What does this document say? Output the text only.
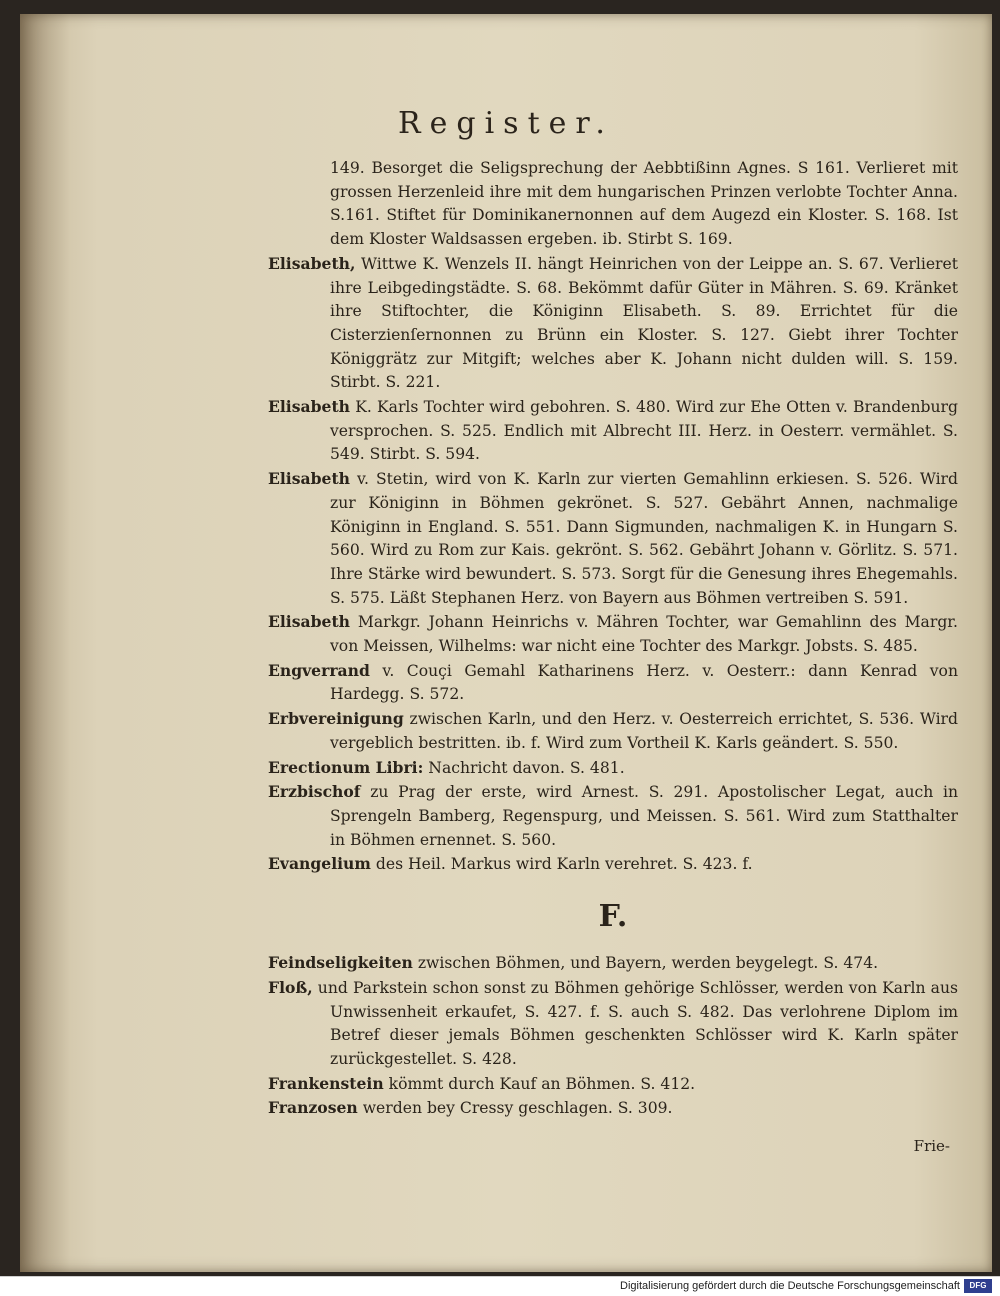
Register.

149. Besorget die Seligsprechung der Aebbtißinn Agnes. S 161. Verlieret mit grossen Herzenleid ihre mit dem hungarischen Prinzen verlobte Tochter Anna. S.161. Stiftet für Dominikanernonnen auf dem Augezd ein Kloster. S. 168. Ist dem Kloster Waldsassen ergeben. ib. Stirbt S. 169.

Elisabeth, Wittwe K. Wenzels II. hängt Heinrichen von der Leippe an. S. 67. Verlieret ihre Leibgedingstädte. S. 68. Bekömmt dafür Güter in Mähren. S. 69. Kränket ihre Stiftochter, die Königinn Elisabeth. S. 89. Errichtet für die Cisterzienſernonnen zu Brünn ein Kloster. S. 127. Giebt ihrer Tochter Königgrätz zur Mitgift; welches aber K. Johann nicht dulden will. S. 159. Stirbt. S. 221.

Elisabeth K. Karls Tochter wird gebohren. S. 480. Wird zur Ehe Otten v. Brandenburg versprochen. S. 525. Endlich mit Albrecht III. Herz. in Oesterr. vermählet. S. 549. Stirbt. S. 594.

Elisabeth v. Stetin, wird von K. Karln zur vierten Gemahlinn erkiesen. S. 526. Wird zur Königinn in Böhmen gekrönet. S. 527. Gebährt Annen, nachmalige Königinn in England. S. 551. Dann Sigmunden, nachmaligen K. in Hungarn S. 560. Wird zu Rom zur Kais. gekrönt. S. 562. Gebährt Johann v. Görlitz. S. 571. Ihre Stärke wird bewundert. S. 573. Sorgt für die Genesung ihres Ehegemahls. S. 575. Läßt Stephanen Herz. von Bayern aus Böhmen vertreiben S. 591.

Elisabeth Markgr. Johann Heinrichs v. Mähren Tochter, war Gemahlinn des Margr. von Meissen, Wilhelms: war nicht eine Tochter des Markgr. Jobsts. S. 485.

Engverrand v. Couçi Gemahl Katharinens Herz. v. Oesterr.: dann Kenrad von Hardegg. S. 572.

Erbvereinigung zwischen Karln, und den Herz. v. Oesterreich errichtet, S. 536. Wird vergeblich bestritten. ib. f. Wird zum Vortheil K. Karls geändert. S. 550.

Erectionum Libri: Nachricht davon. S. 481.

Erzbischof zu Prag der erste, wird Arnest. S. 291. Apostolischer Legat, auch in Sprengeln Bamberg, Regenspurg, und Meissen. S. 561. Wird zum Statthalter in Böhmen ernennet. S. 560.

Evangelium des Heil. Markus wird Karln verehret. S. 423. f.

F.

Feindseligkeiten zwischen Böhmen, und Bayern, werden beygelegt. S. 474.

Floß, und Parkstein schon sonst zu Böhmen gehörige Schlösser, werden von Karln aus Unwissenheit erkaufet, S. 427. f. S. auch S. 482. Das verlohrene Diplom im Betref dieser jemals Böhmen geschenkten Schlösser wird K. Karln später zurückgestellet. S. 428.

Frankenstein kömmt durch Kauf an Böhmen. S. 412.

Franzosen werden bey Cressy geschlagen. S. 309.

Frie-
Digitalisierung gefördert durch die Deutsche Forschungsgemeinschaft	DFG
